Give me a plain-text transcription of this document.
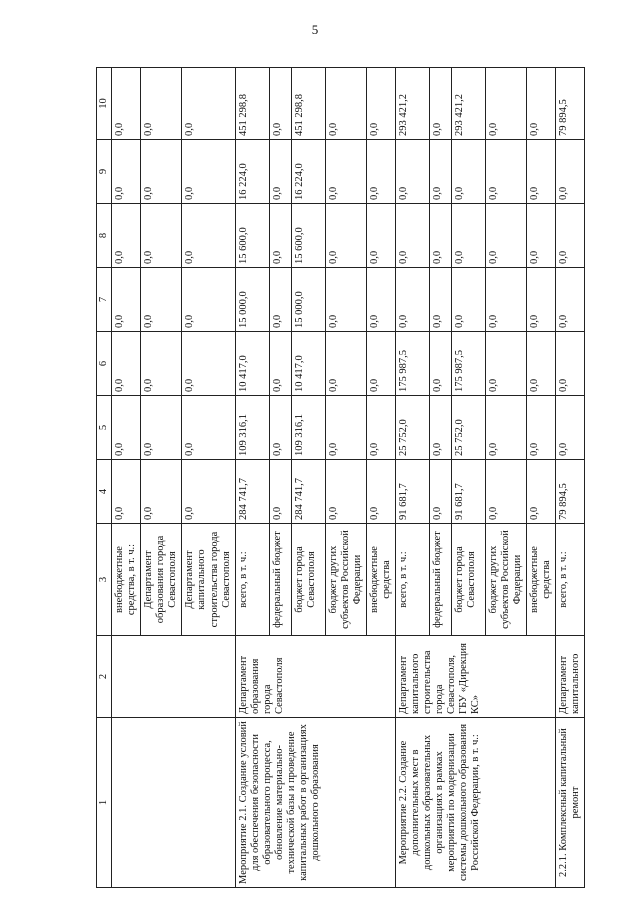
5
1	2	3	4	5	6	7	8	9	10
		внебюджетные средства, в т. ч.:	0,0	0,0	0,0	0,0	0,0	0,0	0,0
		Департамент образования города Севастополя	0,0	0,0	0,0	0,0	0,0	0,0	0,0
		Департамент капитального строительства города Севастополя	0,0	0,0	0,0	0,0	0,0	0,0	0,0
Мероприятие 2.1. Создание условий для обеспечения безопасности образовательного процесса, обновление материально-технической базы и проведение капитальных работ в организациях дошкольного образования	Департамент образования города Севастополя	всего, в т. ч.:	284 741,7	109 316,1	10 417,0	15 000,0	15 600,0	16 224,0	451 298,8
		федеральный бюджет	0,0	0,0	0,0	0,0	0,0	0,0	0,0
		бюджет города Севастополя	284 741,7	109 316,1	10 417,0	15 000,0	15 600,0	16 224,0	451 298,8
		бюджет других субъектов Российской Федерации	0,0	0,0	0,0	0,0	0,0	0,0	0,0
		внебюджетные средства	0,0	0,0	0,0	0,0	0,0	0,0	0,0
Мероприятие 2.2. Создание дополнительных мест в дошкольных образовательных организациях в рамках мероприятий по модернизации системы дошкольного образования Российской Федерации, в т. ч.:	Департамент капитального строительства города Севастополя, ГБУ «Дирекция КС»	всего, в т. ч.:	91 681,7	25 752,0	175 987,5	0,0	0,0	0,0	293 421,2
		федеральный бюджет	0,0	0,0	0,0	0,0	0,0	0,0	0,0
		бюджет города Севастополя	91 681,7	25 752,0	175 987,5	0,0	0,0	0,0	293 421,2
		бюджет других субъектов Российской Федерации	0,0	0,0	0,0	0,0	0,0	0,0	0,0
		внебюджетные средства	0,0	0,0	0,0	0,0	0,0	0,0	0,0
2.2.1. Комплексный капитальный ремонт	Департамент капитального	всего, в т. ч.:	79 894,5	0,0	0,0	0,0	0,0	0,0	79 894,5
